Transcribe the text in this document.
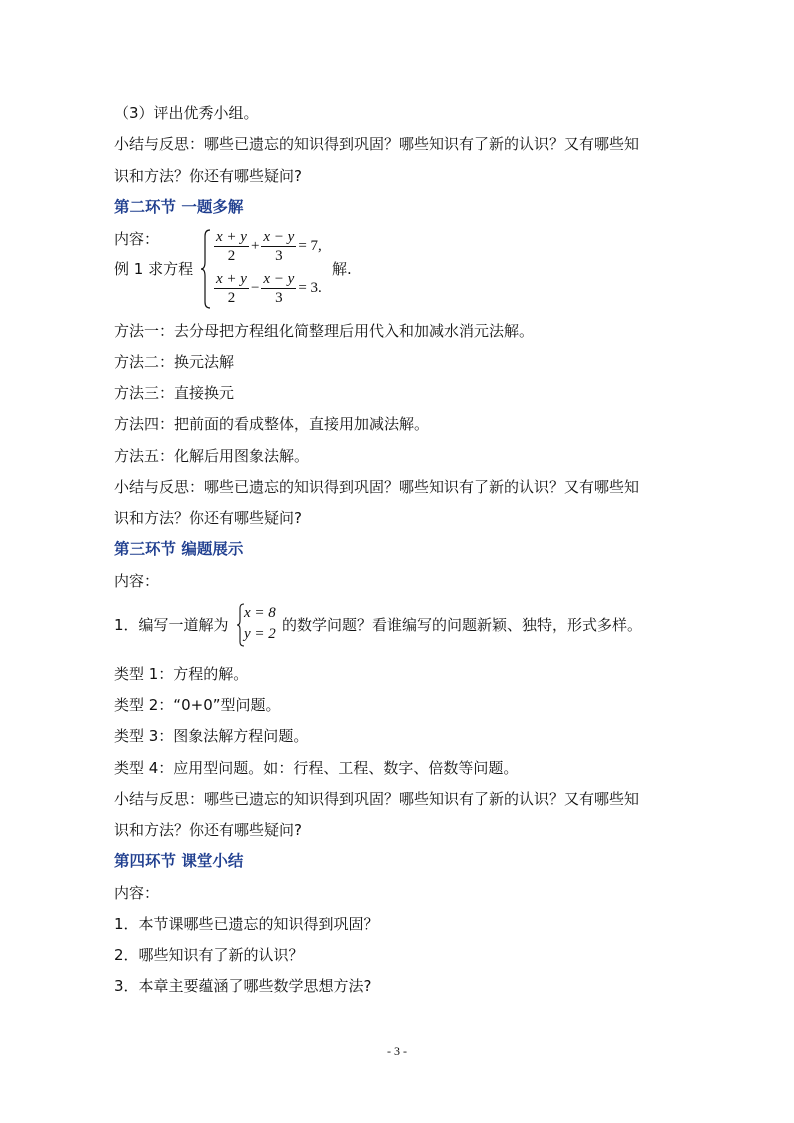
（3）评出优秀小组。
小结与反思：哪些已遗忘的知识得到巩固？哪些知识有了新的认识？又有哪些知
识和方法？你还有哪些疑问?
第二环节 一题多解
内容：
例 1 求方程
$\frac{x + y}{2} + \frac{x - y}{3} = 7$,
$\frac{x + y}{2} - \frac{x - y}{3} = 3$.
解.
方法一：去分母把方程组化简整理后用代入和加减水消元法解。
方法二：换元法解
方法三：直接换元
方法四：把前面的看成整体，直接用加减法解。
方法五：化解后用图象法解。
小结与反思：哪些已遗忘的知识得到巩固？哪些知识有了新的认识？又有哪些知
识和方法？你还有哪些疑问?
第三环节 编题展示
内容：
1．编写一道解为
x = 8
y = 2 的数学问题？看谁编写的问题新颖、独特，形式多样。
类型 1：方程的解。
类型 2：“0+0”型问题。
类型 3：图象法解方程问题。
类型 4：应用型问题。如：行程、工程、数字、倍数等问题。
小结与反思：哪些已遗忘的知识得到巩固？哪些知识有了新的认识？又有哪些知
识和方法？你还有哪些疑问?
第四环节 课堂小结
内容：
1．本节课哪些已遗忘的知识得到巩固？
2．哪些知识有了新的认识？
3．本章主要蕴涵了哪些数学思想方法?
- 3 -
